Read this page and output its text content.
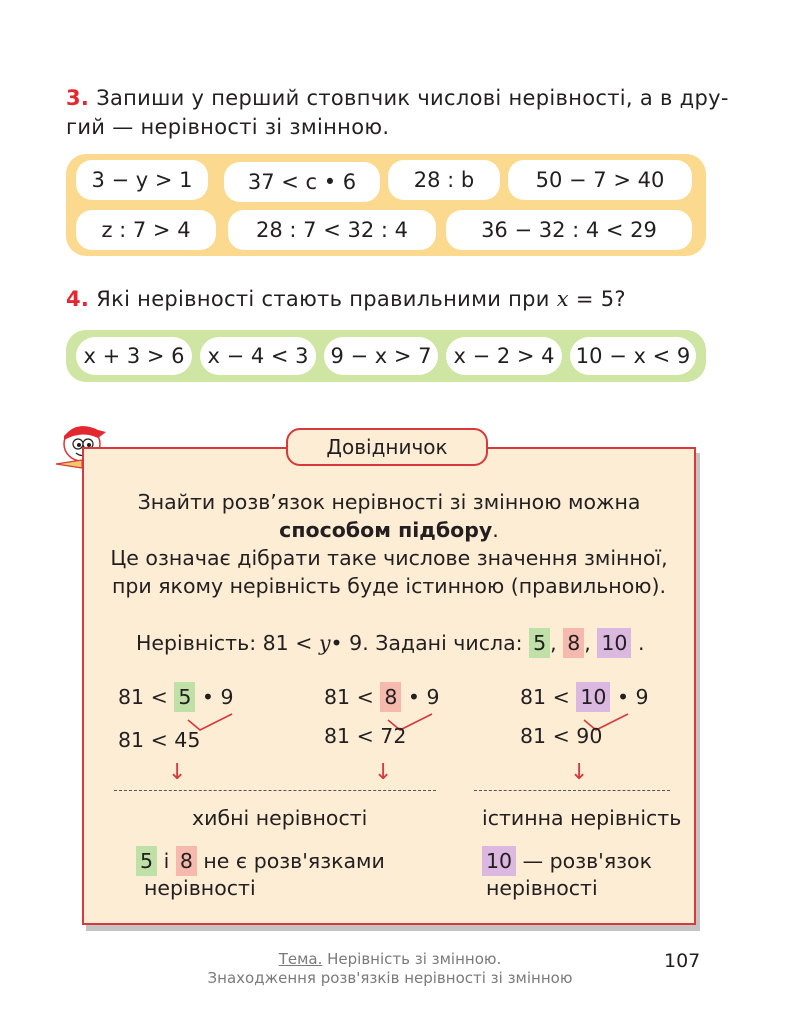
3. Запиши у перший стовпчик числові нерівності, а в дру-
гий — нерівності зі змінною.
3 − y > 1	37 < c • 6	28 : b	50 − 7 > 40
z : 7 > 4	28 : 7 < 32 : 4	36 − 32 : 4 < 29
4. Які нерівності стають правильними при x = 5?
x + 3 > 6	x − 4 < 3	9 − x > 7	x − 2 > 4	10 − x < 9
Довідничок
Знайти розв’язок нерівності зі змінною можна
способом підбору.
Це означає дібрати таке числове значення змінної,
при якому нерівність буде істинною (правильною).
Нерівність: 81 < y• 9. Задані числа: 5 , 8 , 10 .
81 < 5 • 9
81 < 45
81 < 8 • 9
81 < 72
81 < 10 • 9
81 < 90
↓	↓	↓
хибні нерівності	істинна нерівність
5 і 8 не є розв'язками
нерівності
10 — розв'язок
нерівності
Тема. Нерівність зі змінною.
Знаходження розв'язків нерівності зі змінною
107
